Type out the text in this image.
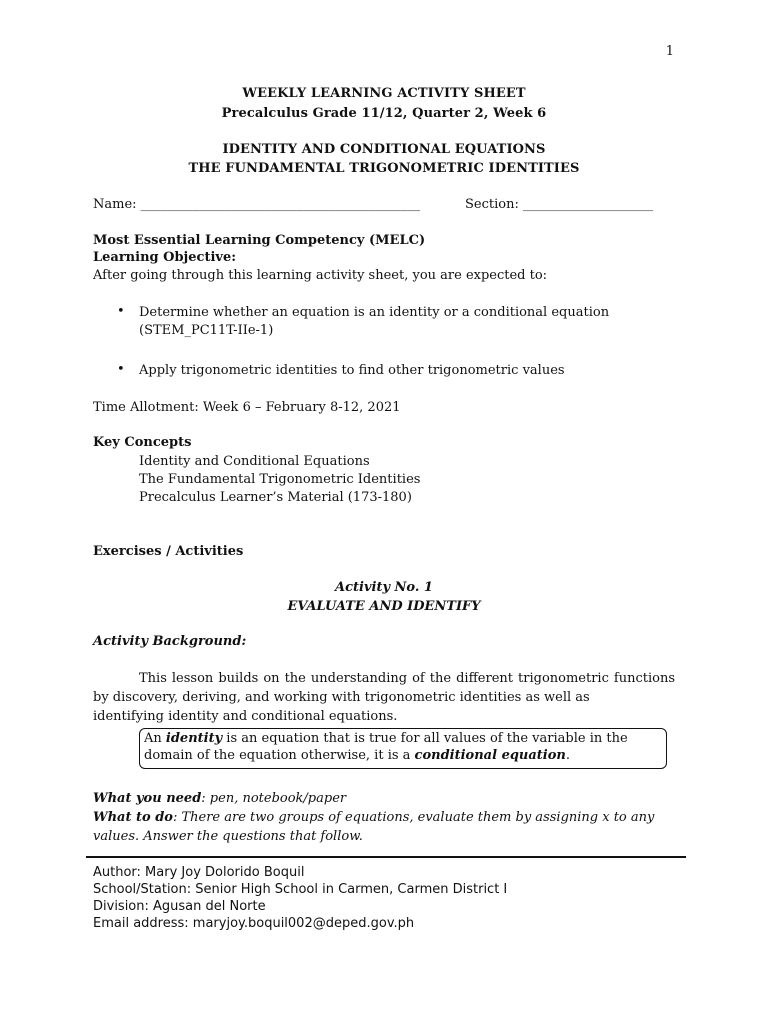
1
WEEKLY LEARNING ACTIVITY SHEET
Precalculus Grade 11/12, Quarter 2, Week 6
IDENTITY AND CONDITIONAL EQUATIONS
THE FUNDAMENTAL TRIGONOMETRIC IDENTITIES
Name: ___________________________________________	Section: ____________________
Most Essential Learning Competency (MELC)
Learning Objective:
After going through this learning activity sheet, you are expected to:
• Determine whether an equation is an identity or a conditional equation
(STEM_PC11T-IIe-1)
• Apply trigonometric identities to find other trigonometric values
Time Allotment: Week 6 – February 8-12, 2021
Key Concepts
Identity and Conditional Equations
The Fundamental Trigonometric Identities
Precalculus Learner’s Material (173-180)
Exercises / Activities
Activity No. 1
EVALUATE AND IDENTIFY
Activity Background:
This lesson builds on the understanding of the different trigonometric functions by discovery, deriving, and working with trigonometric identities as well as
identifying identity and conditional equations.
An identity is an equation that is true for all values of the variable in the domain of the equation otherwise, it is a conditional equation.
What you need: pen, notebook/paper
What to do: There are two groups of equations, evaluate them by assigning x to any values. Answer the questions that follow.
Author: Mary Joy Dolorido Boquil
School/Station: Senior High School in Carmen, Carmen District I
Division: Agusan del Norte
Email address: maryjoy.boquil002@deped.gov.ph
